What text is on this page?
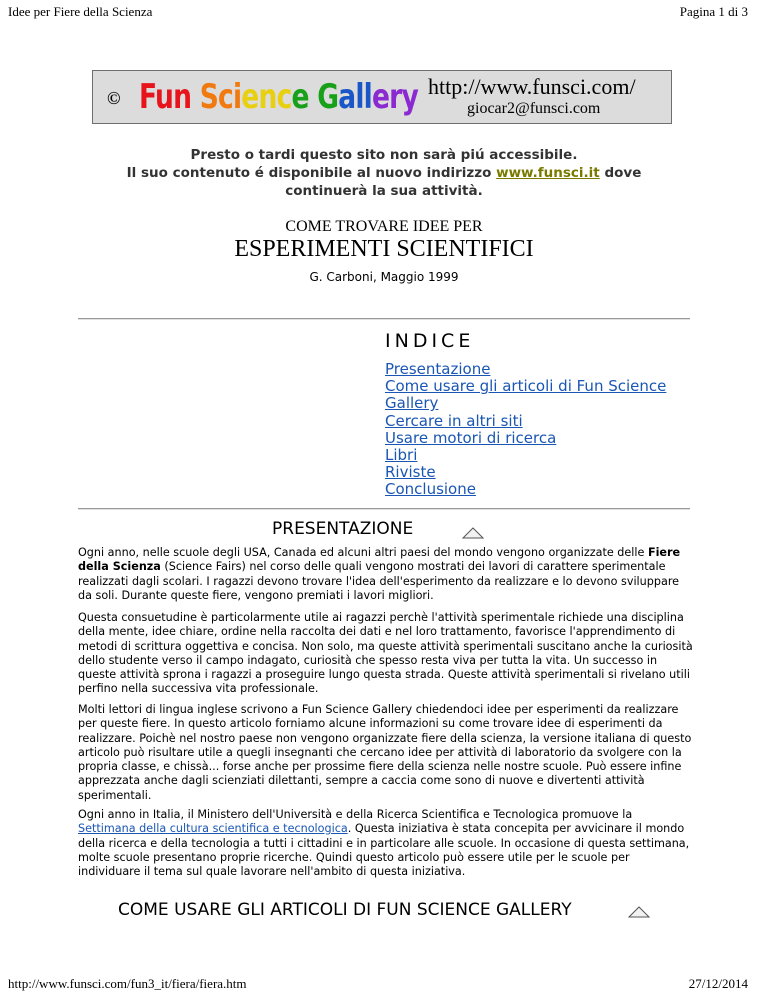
Idee per Fiere della Scienza	Pagina 1 di 3
© Fun Science Gallery http://www.funsci.com/
giocar2@funsci.com
Presto o tardi questo sito non sarà piú accessibile.
Il suo contenuto é disponibile al nuovo indirizzo www.funsci.it dove
continuerà la sua attività.
COME TROVARE IDEE PER
ESPERIMENTI SCIENTIFICI
G. Carboni, Maggio 1999
INDICE
Presentazione
Come usare gli articoli di Fun Science
Gallery
Cercare in altri siti
Usare motori di ricerca
Libri
Riviste
Conclusione
PRESENTAZIONE

Ogni anno, nelle scuole degli USA, Canada ed alcuni altri paesi del mondo vengono organizzate delle Fiere della Scienza (Science Fairs) nel corso delle quali vengono mostrati dei lavori di carattere sperimentale realizzati dagli scolari. I ragazzi devono trovare l'idea dell'esperimento da realizzare e lo devono sviluppare da soli. Durante queste fiere, vengono premiati i lavori migliori.

Questa consuetudine è particolarmente utile ai ragazzi perchè l'attività sperimentale richiede una disciplina della mente, idee chiare, ordine nella raccolta dei dati e nel loro trattamento, favorisce l'apprendimento di metodi di scrittura oggettiva e concisa. Non solo, ma queste attività sperimentali suscitano anche la curiosità dello studente verso il campo indagato, curiosità che spesso resta viva per tutta la vita. Un successo in queste attività sprona i ragazzi a proseguire lungo questa strada. Queste attività sperimentali si rivelano utili perfino nella successiva vita professionale.

Molti lettori di lingua inglese scrivono a Fun Science Gallery chiedendoci idee per esperimenti da realizzare per queste fiere. In questo articolo forniamo alcune informazioni su come trovare idee di esperimenti da realizzare. Poichè nel nostro paese non vengono organizzate fiere della scienza, la versione italiana di questo articolo può risultare utile a quegli insegnanti che cercano idee per attività di laboratorio da svolgere con la propria classe, e chissà... forse anche per prossime fiere della scienza nelle nostre scuole. Può essere infine apprezzata anche dagli scienziati dilettanti, sempre a caccia come sono di nuove e divertenti attività sperimentali.

Ogni anno in Italia, il Ministero dell'Università e della Ricerca Scientifica e Tecnologica promuove la Settimana della cultura scientifica e tecnologica. Questa iniziativa è stata concepita per avvicinare il mondo della ricerca e della tecnologia a tutti i cittadini e in particolare alle scuole. In occasione di questa settimana, molte scuole presentano proprie ricerche. Quindi questo articolo può essere utile per le scuole per individuare il tema sul quale lavorare nell'ambito di questa iniziativa.

COME USARE GLI ARTICOLI DI FUN SCIENCE GALLERY
http://www.funsci.com/fun3_it/fiera/fiera.htm	27/12/2014
